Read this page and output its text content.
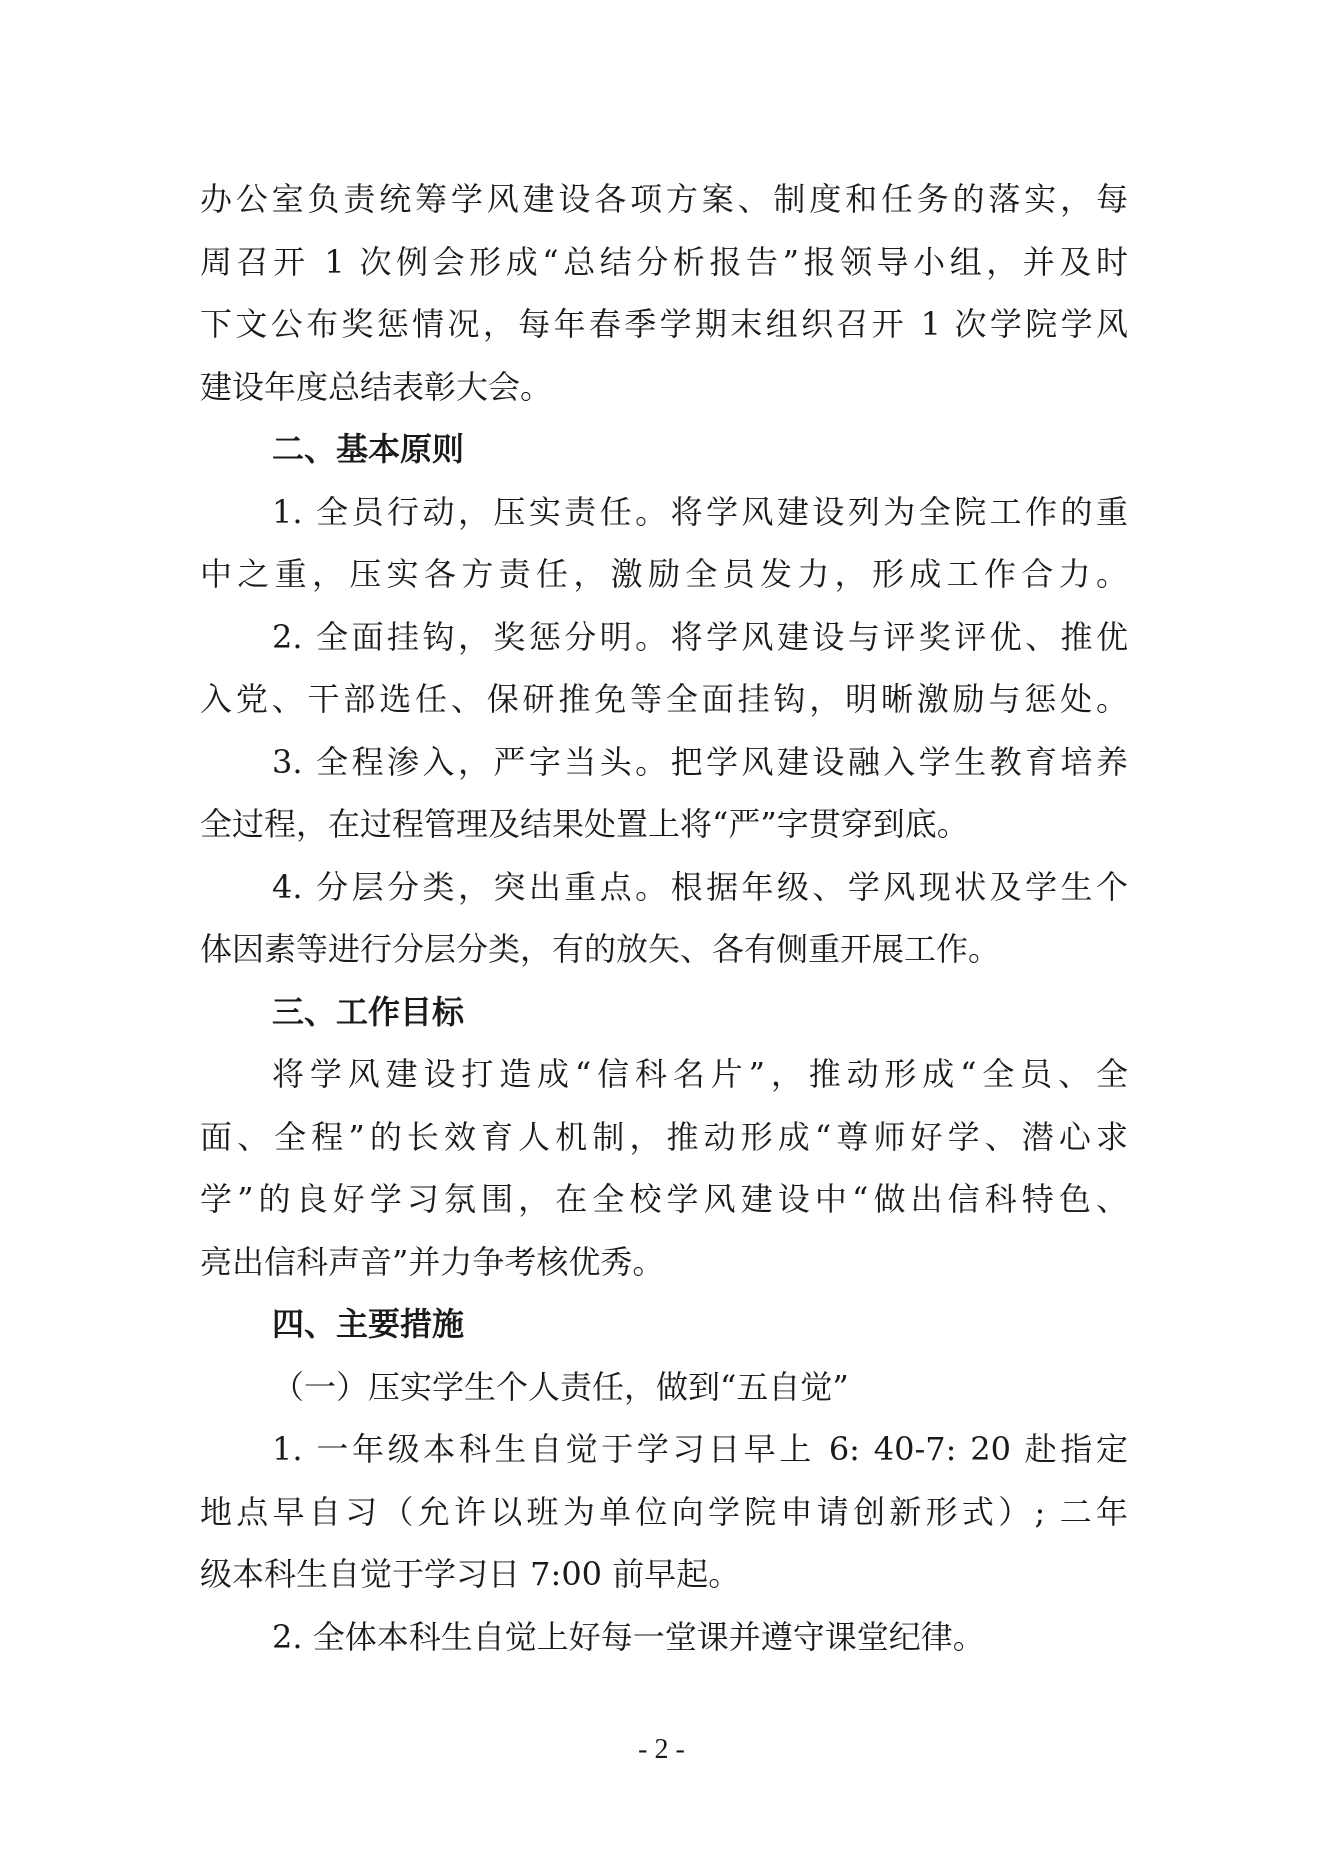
办公室负责统筹学风建设各项方案、制度和任务的落实，每
周召开 1 次例会形成“总结分析报告”报领导小组，并及时
下文公布奖惩情况，每年春季学期末组织召开 1 次学院学风
建设年度总结表彰大会。
二、基本原则
1. 全员行动，压实责任。将学风建设列为全院工作的重
中之重，压实各方责任，激励全员发力，形成工作合力。
2. 全面挂钩，奖惩分明。将学风建设与评奖评优、推优
入党、干部选任、保研推免等全面挂钩，明晰激励与惩处。
3. 全程渗入，严字当头。把学风建设融入学生教育培养
全过程，在过程管理及结果处置上将“严”字贯穿到底。
4. 分层分类，突出重点。根据年级、学风现状及学生个
体因素等进行分层分类，有的放矢、各有侧重开展工作。
三、工作目标
将学风建设打造成“信科名片”，推动形成“全员、全
面、全程”的长效育人机制，推动形成“尊师好学、潜心求
学”的良好学习氛围，在全校学风建设中“做出信科特色、
亮出信科声音”并力争考核优秀。
四、主要措施
（一）压实学生个人责任，做到“五自觉”
1. 一年级本科生自觉于学习日早上 6: 40-7: 20 赴指定
地点早自习（允许以班为单位向学院申请创新形式）; 二年
级本科生自觉于学习日 7:00 前早起。
2. 全体本科生自觉上好每一堂课并遵守课堂纪律。
- 2 -
